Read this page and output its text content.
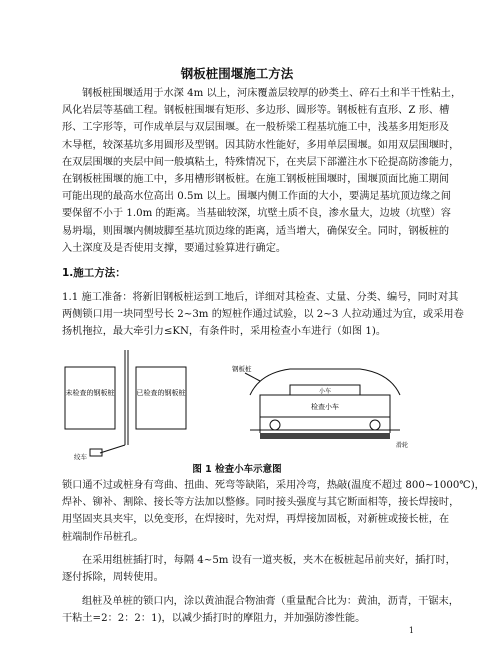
钢板桩围堰施工方法
钢板桩围堰适用于水深 4m 以上，河床覆盖层较厚的砂类土、碎石土和半干性粘土，
风化岩层等基础工程。钢板桩围堰有矩形、多边形、圆形等。钢板桩有直形、Z 形、槽
形、工字形等，可作成单层与双层围堰。在一般桥梁工程基坑施工中，浅基多用矩形及
木导框，较深基坑多用圆形及型钢。因其防水性能好，多用单层围堰。如用双层围堰时，
在双层围堰的夹层中间一般填粘土，特殊情况下，在夹层下部灌注水下砼提高防渗能力，
在钢板桩围堰的施工中，多用槽形钢板桩。在施工钢板桩围堰时，围堰顶面比施工期间
可能出现的最高水位高出 0.5m 以上。围堰内侧工作面的大小，要满足基坑顶边缘之间
要保留不小于 1.0m 的距离。当基础较深，坑壁土质不良，渗水量大，边坡（坑壁）容
易坍塌，则围堰内侧坡脚至基坑顶边缘的距离，适当增大，确保安全。同时，钢板桩的
入土深度及是否使用支撑，要通过验算进行确定。
1.施工方法：
1.1 施工准备：将新旧钢板桩运到工地后，详细对其检查、丈量、分类、编号，同时对其
两侧锁口用一块同型号长 2~3m 的短桩作通过试验，以 2~3 人拉动通过为宜，或采用卷
扬机拖拉，最大牵引力≤KN，有条件时，采用检查小车进行（如图 1)。
未检查的钢板桩	已检查的钢板桩
绞车
钢板桩
检查小车
小车
滑轮
图 1 检查小车示意图
锁口通不过或桩身有弯曲、扭曲、死弯等缺陷，采用冷弯，热敲(温度不超过 800~1000℃)，
焊补、铆补、割除、接长等方法加以整修。同时接头强度与其它断面相等，接长焊接时，
用坚固夹具夹牢，以免变形，在焊接时，先对焊，再焊接加固板，对新桩或接长桩，在
桩端制作吊桩孔。
在采用组桩插打时，每隔 4~5m 设有一道夹板，夹木在板桩起吊前夹好，插打时，
逐付拆除，周转使用。
组桩及单桩的锁口内，涂以黄油混合物油膏（重量配合比为：黄油，沥青，干锯末，
干粘土=2：2：2：1)，以减少插打时的摩阻力，并加强防渗性能。
1
